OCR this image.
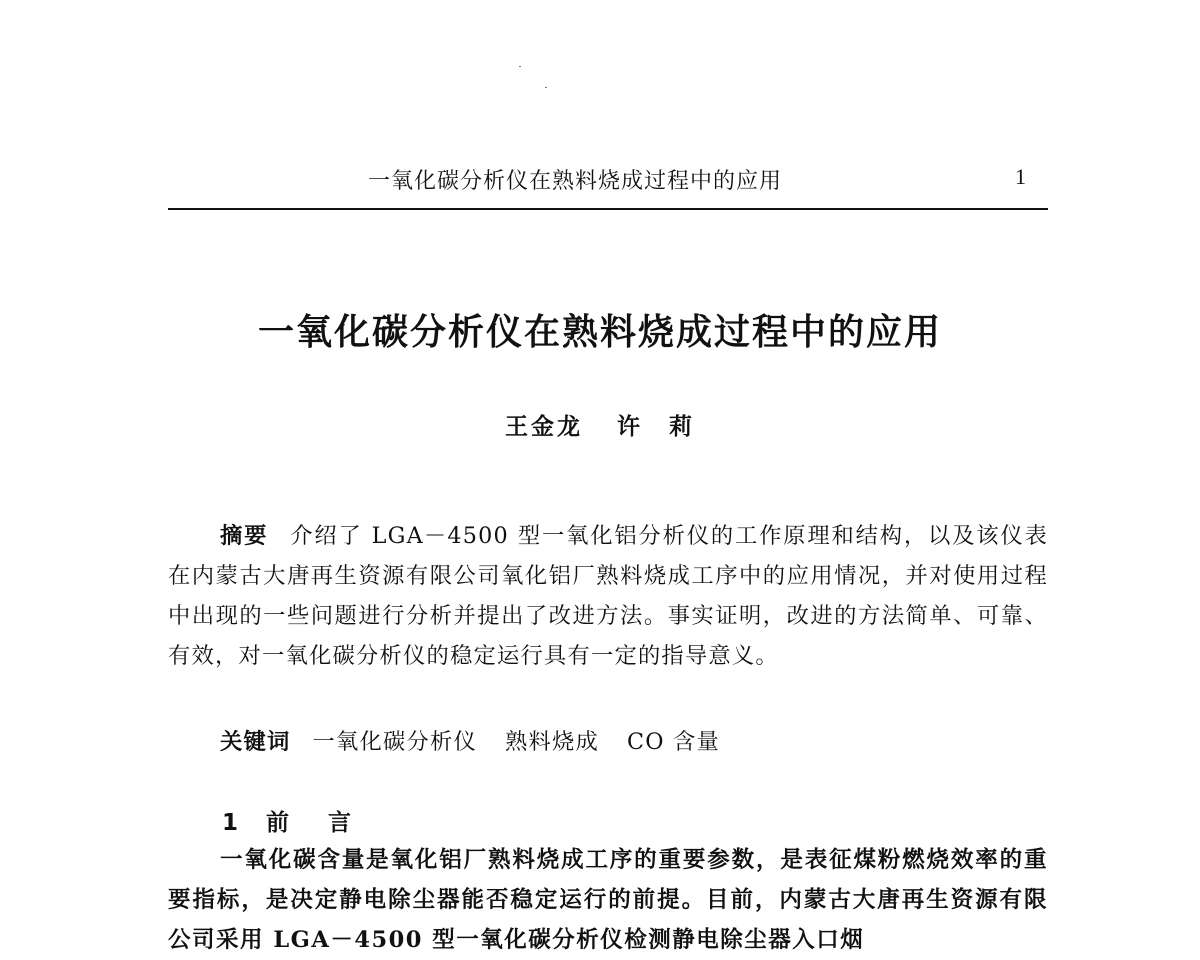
一氧化碳分析仪在熟料烧成过程中的应用	1
一氧化碳分析仪在熟料烧成过程中的应用
王金龙 许　莉
摘要 介绍了 LGA－4500 型一氧化铝分析仪的工作原理和结构，以及该仪表在内蒙古大唐再生资源有限公司氧化铝厂熟料烧成工序中的应用情况，并对使用过程中出现的一些问题进行分析并提出了改进方法。事实证明，改进的方法简单、可靠、有效，对一氧化碳分析仪的稳定运行具有一定的指导意义。
关键词 一氧化碳分析仪 熟料烧成 CO 含量
1 前　言
一氧化碳含量是氧化铝厂熟料烧成工序的重要参数，是表征煤粉燃烧效率的重要指标，是决定静电除尘器能否稳定运行的前提。目前，内蒙古大唐再生资源有限公司采用 LGA－4500 型一氧化碳分析仪检测静电除尘器入口烟
